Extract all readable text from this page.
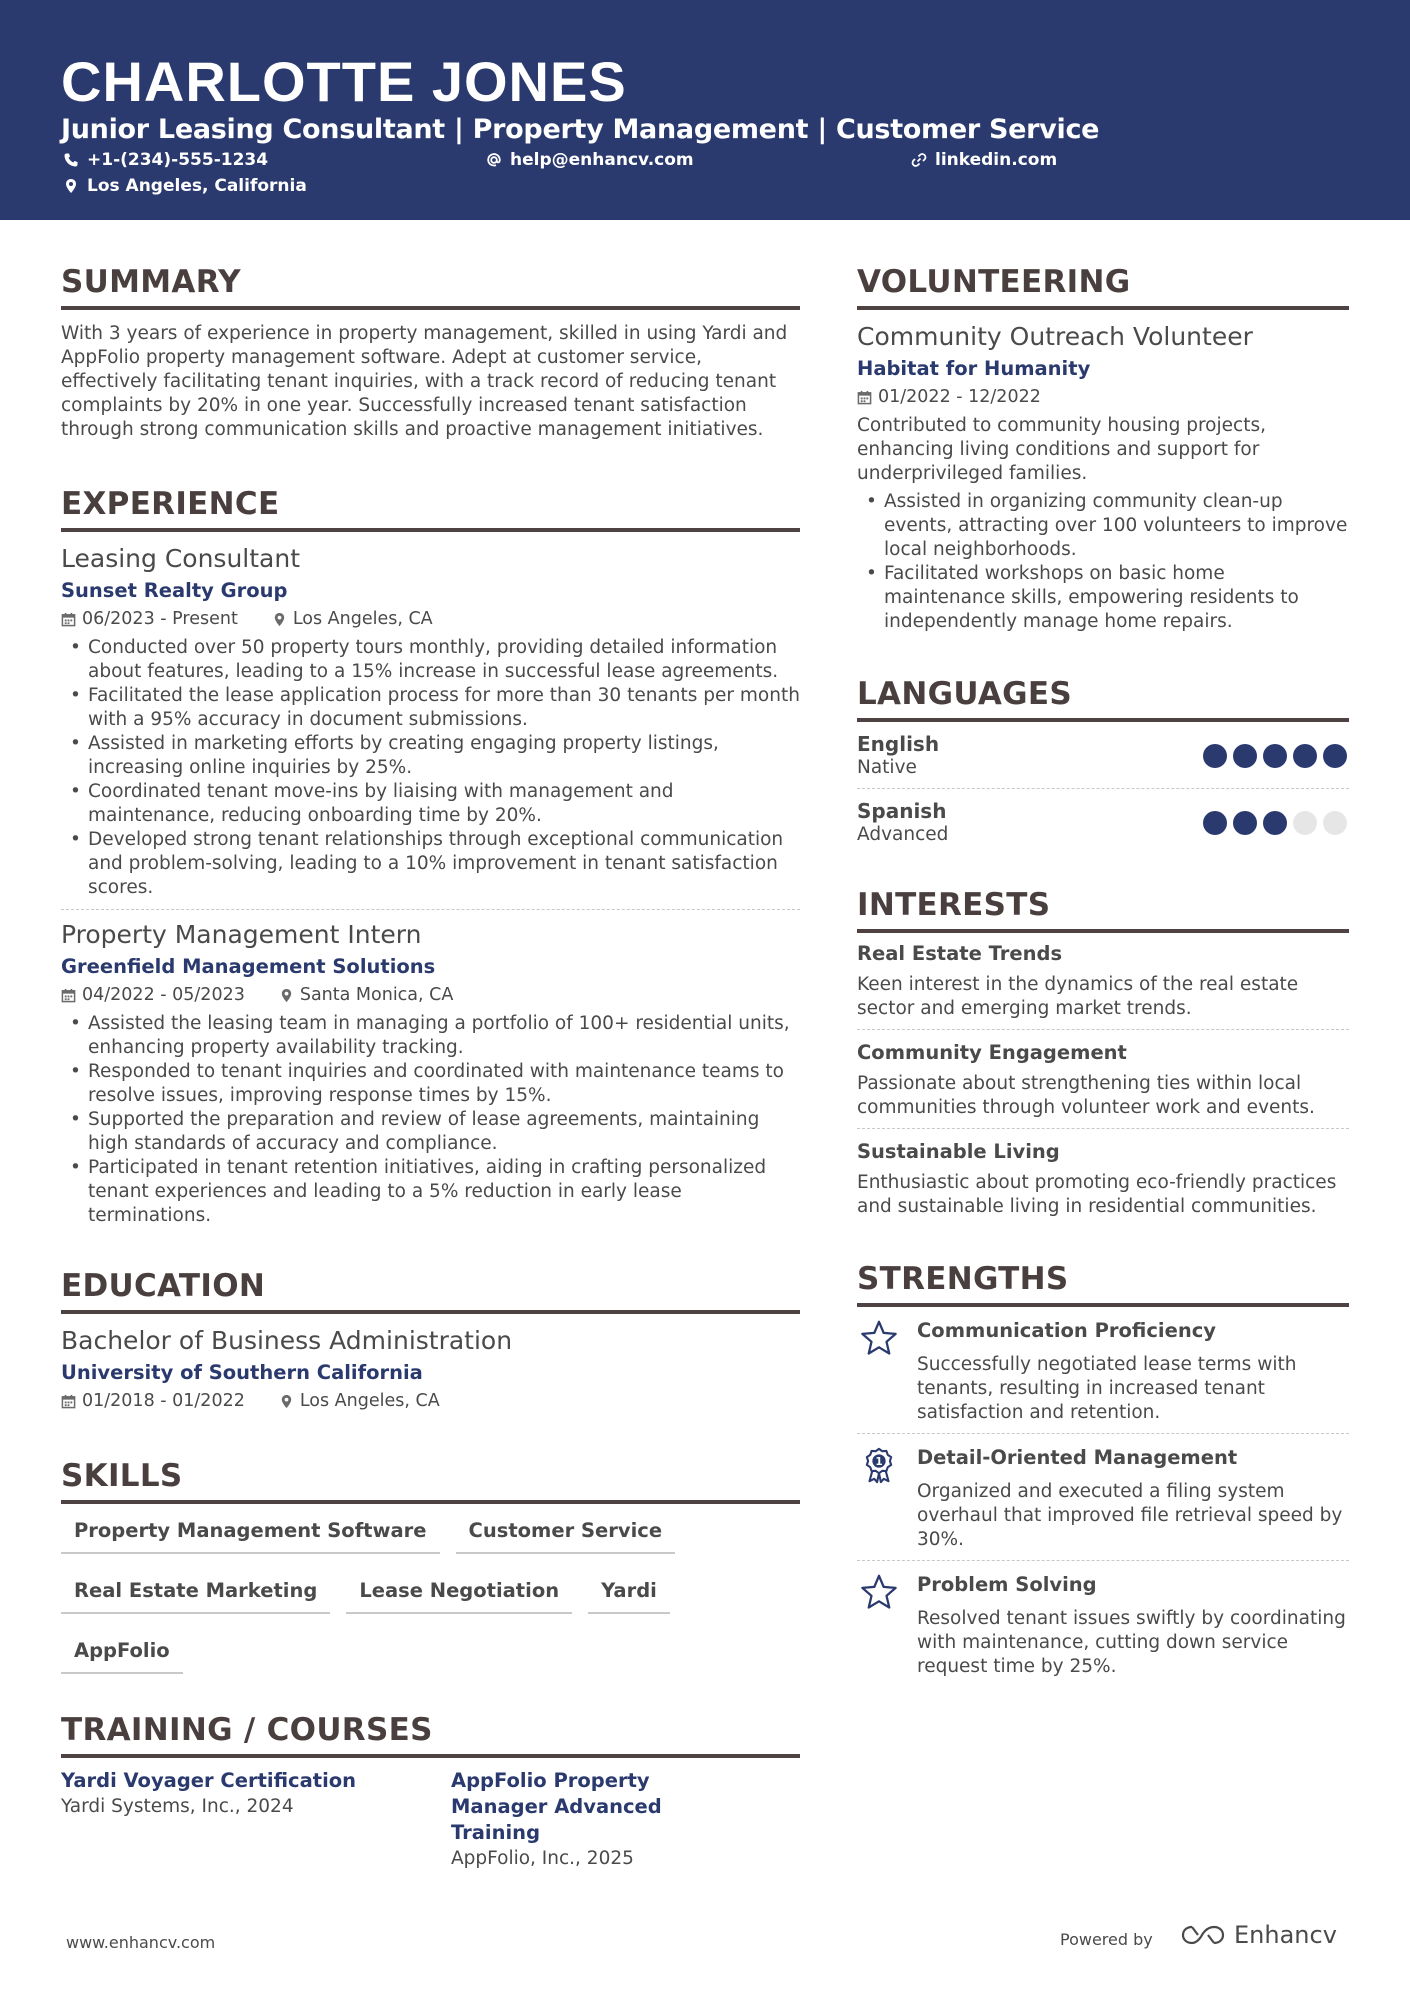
CHARLOTTE JONES
Junior Leasing Consultant | Property Management | Customer Service
+1-(234)-555-1234	help@enhancv.com	linkedin.com
Los Angeles, California
SUMMARY
With 3 years of experience in property management, skilled in using Yardi and AppFolio property management software. Adept at customer service, effectively facilitating tenant inquiries, with a track record of reducing tenant complaints by 20% in one year. Successfully increased tenant satisfaction through strong communication skills and proactive management initiatives.
EXPERIENCE
Leasing Consultant
Sunset Realty Group
06/2023 - Present	Los Angeles, CA
• Conducted over 50 property tours monthly, providing detailed information about features, leading to a 15% increase in successful lease agreements.
• Facilitated the lease application process for more than 30 tenants per month with a 95% accuracy in document submissions.
• Assisted in marketing efforts by creating engaging property listings, increasing online inquiries by 25%.
• Coordinated tenant move-ins by liaising with management and maintenance, reducing onboarding time by 20%.
• Developed strong tenant relationships through exceptional communication and problem-solving, leading to a 10% improvement in tenant satisfaction scores.
Property Management Intern
Greenfield Management Solutions
04/2022 - 05/2023	Santa Monica, CA
• Assisted the leasing team in managing a portfolio of 100+ residential units, enhancing property availability tracking.
• Responded to tenant inquiries and coordinated with maintenance teams to resolve issues, improving response times by 15%.
• Supported the preparation and review of lease agreements, maintaining high standards of accuracy and compliance.
• Participated in tenant retention initiatives, aiding in crafting personalized tenant experiences and leading to a 5% reduction in early lease terminations.
EDUCATION
Bachelor of Business Administration
University of Southern California
01/2018 - 01/2022	Los Angeles, CA
SKILLS
Property Management Software	Customer Service
Real Estate Marketing	Lease Negotiation	Yardi
AppFolio
TRAINING / COURSES
Yardi Voyager Certification
Yardi Systems, Inc., 2024
AppFolio Property Manager Advanced Training
AppFolio, Inc., 2025
VOLUNTEERING
Community Outreach Volunteer
Habitat for Humanity
01/2022 - 12/2022
Contributed to community housing projects, enhancing living conditions and support for underprivileged families.
• Assisted in organizing community clean-up events, attracting over 100 volunteers to improve local neighborhoods.
• Facilitated workshops on basic home maintenance skills, empowering residents to independently manage home repairs.
LANGUAGES
English
Native
Spanish
Advanced
INTERESTS
Real Estate Trends
Keen interest in the dynamics of the real estate sector and emerging market trends.
Community Engagement
Passionate about strengthening ties within local communities through volunteer work and events.
Sustainable Living
Enthusiastic about promoting eco-friendly practices and sustainable living in residential communities.
STRENGTHS
Communication Proficiency
Successfully negotiated lease terms with tenants, resulting in increased tenant satisfaction and retention.
1 Detail-Oriented Management
Organized and executed a filing system overhaul that improved file retrieval speed by 30%.
Problem Solving
Resolved tenant issues swiftly by coordinating with maintenance, cutting down service request time by 25%.
www.enhancv.com	Powered by	Enhancv
